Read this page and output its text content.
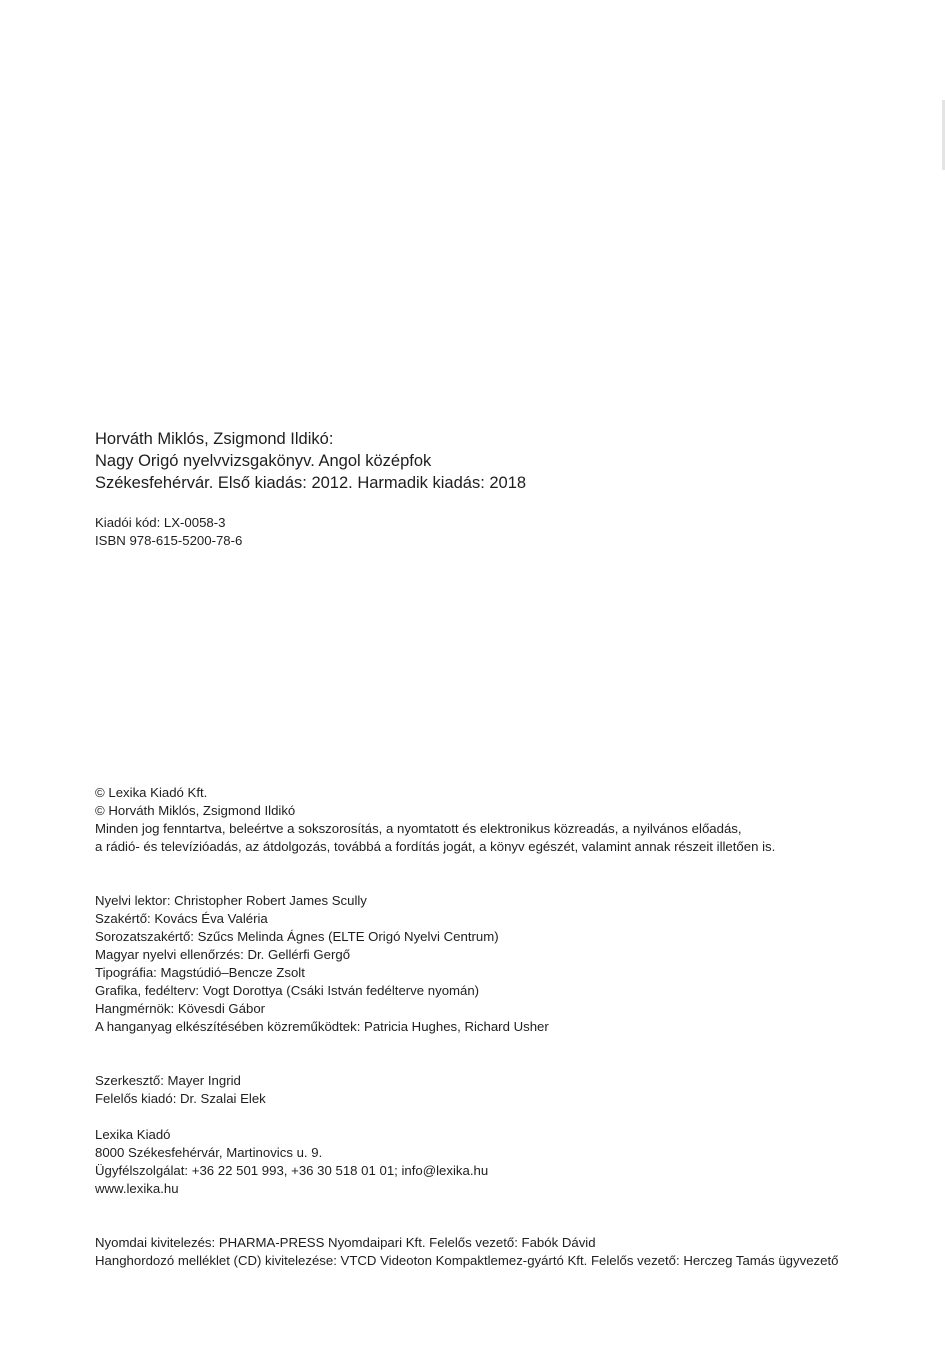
Horváth Miklós, Zsigmond Ildikó:
Nagy Origó nyelvvizsgakönyv. Angol középfok
Székesfehérvár. Első kiadás: 2012. Harmadik kiadás: 2018
Kiadói kód: LX-0058-3
ISBN 978-615-5200-78-6
© Lexika Kiadó Kft.
© Horváth Miklós, Zsigmond Ildikó
Minden jog fenntartva, beleértve a sokszorosítás, a nyomtatott és elektronikus közreadás, a nyilvános előadás,
a rádió- és televízióadás, az átdolgozás, továbbá a fordítás jogát, a könyv egészét, valamint annak részeit illetően is.
Nyelvi lektor: Christopher Robert James Scully
Szakértő: Kovács Éva Valéria
Sorozatszakértő: Szűcs Melinda Ágnes (ELTE Origó Nyelvi Centrum)
Magyar nyelvi ellenőrzés: Dr. Gellérfi Gergő
Tipográfia: Magstúdió–Bencze Zsolt
Grafika, fedélterv: Vogt Dorottya (Csáki István fedélterve nyomán)
Hangmérnök: Kövesdi Gábor
A hanganyag elkészítésében közreműködtek: Patricia Hughes, Richard Usher
Szerkesztő: Mayer Ingrid
Felelős kiadó: Dr. Szalai Elek
Lexika Kiadó
8000 Székesfehérvár, Martinovics u. 9.
Ügyfélszolgálat: +36 22 501 993, +36 30 518 01 01; info@lexika.hu
www.lexika.hu
Nyomdai kivitelezés: PHARMA-PRESS Nyomdaipari Kft. Felelős vezető: Fabók Dávid
Hanghordozó melléklet (CD) kivitelezése: VTCD Videoton Kompaktlemez-gyártó Kft. Felelős vezető: Herczeg Tamás ügyvezető
